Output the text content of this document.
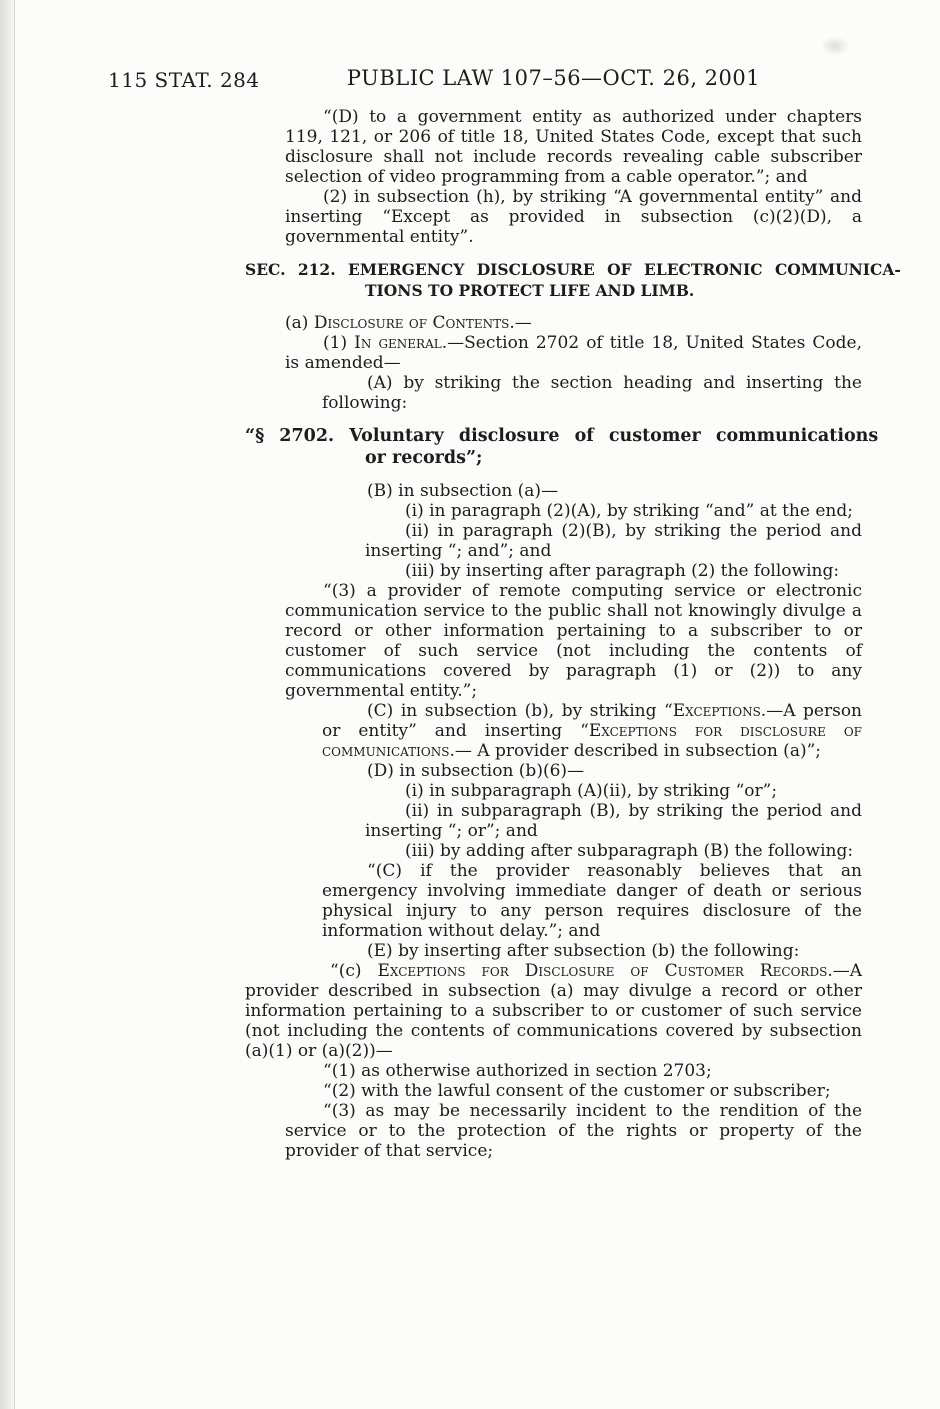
115 STAT. 284	PUBLIC LAW 107–56—OCT. 26, 2001

“(D) to a government entity as authorized under chapters 119, 121, or 206 of title 18, United States Code, except that such disclosure shall not include records revealing cable subscriber selection of video programming from a cable operator.”; and

(2) in subsection (h), by striking “A governmental entity” and inserting “Except as provided in subsection (c)(2)(D), a governmental entity”.

SEC. 212. EMERGENCY DISCLOSURE OF ELECTRONIC COMMUNICA-
TIONS TO PROTECT LIFE AND LIMB.

(a) Disclosure of Contents.—

(1) In general.—Section 2702 of title 18, United States Code, is amended—

(A) by striking the section heading and inserting the following:

“§ 2702. Voluntary disclosure of customer communications
or records”;

(B) in subsection (a)—

(i) in paragraph (2)(A), by striking “and” at the end;

(ii) in paragraph (2)(B), by striking the period and inserting “; and”; and

(iii) by inserting after paragraph (2) the following:

“(3) a provider of remote computing service or electronic communication service to the public shall not knowingly divulge a record or other information pertaining to a subscriber to or customer of such service (not including the contents of communications covered by paragraph (1) or (2)) to any governmental entity.”;

(C) in subsection (b), by striking “Exceptions.—A person or entity” and inserting “Exceptions for disclosure of communications.— A provider described in subsection (a)”;

(D) in subsection (b)(6)—

(i) in subparagraph (A)(ii), by striking “or”;

(ii) in subparagraph (B), by striking the period and inserting “; or”; and

(iii) by adding after subparagraph (B) the following:

“(C) if the provider reasonably believes that an emergency involving immediate danger of death or serious physical injury to any person requires disclosure of the information without delay.”; and

(E) by inserting after subsection (b) the following:

“(c) Exceptions for Disclosure of Customer Records.—A provider described in subsection (a) may divulge a record or other information pertaining to a subscriber to or customer of such service (not including the contents of communications covered by subsection (a)(1) or (a)(2))—

“(1) as otherwise authorized in section 2703;

“(2) with the lawful consent of the customer or subscriber;

“(3) as may be necessarily incident to the rendition of the service or to the protection of the rights or property of the provider of that service;
